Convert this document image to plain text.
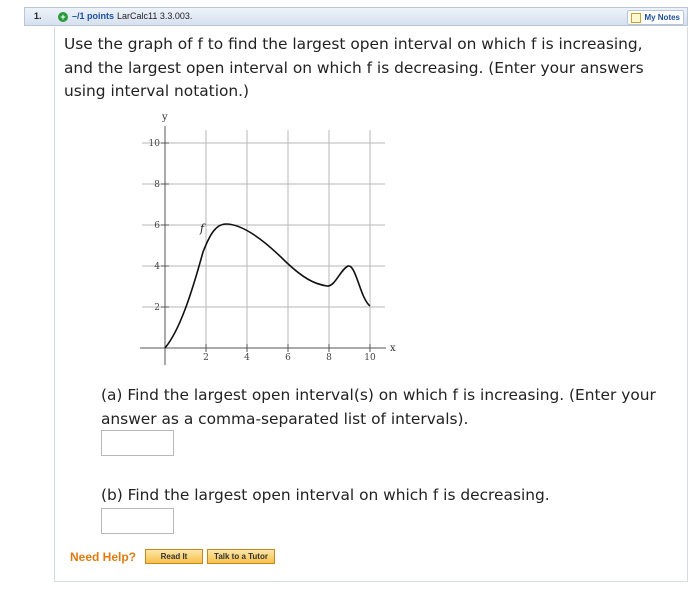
1. + –/1 points LarCalc11 3.3.003.	My Notes

Use the graph of f to find the largest open interval on which f is increasing, and the largest open interval on which f is decreasing. (Enter your answers using interval notation.)

y
x
10
8
6
4
2
2	4	6	8	10
f

(a) Find the largest open interval(s) on which f is increasing. (Enter your answer as a comma-separated list of intervals).

(b) Find the largest open interval on which f is decreasing.

Need Help?	Read It	Talk to a Tutor
